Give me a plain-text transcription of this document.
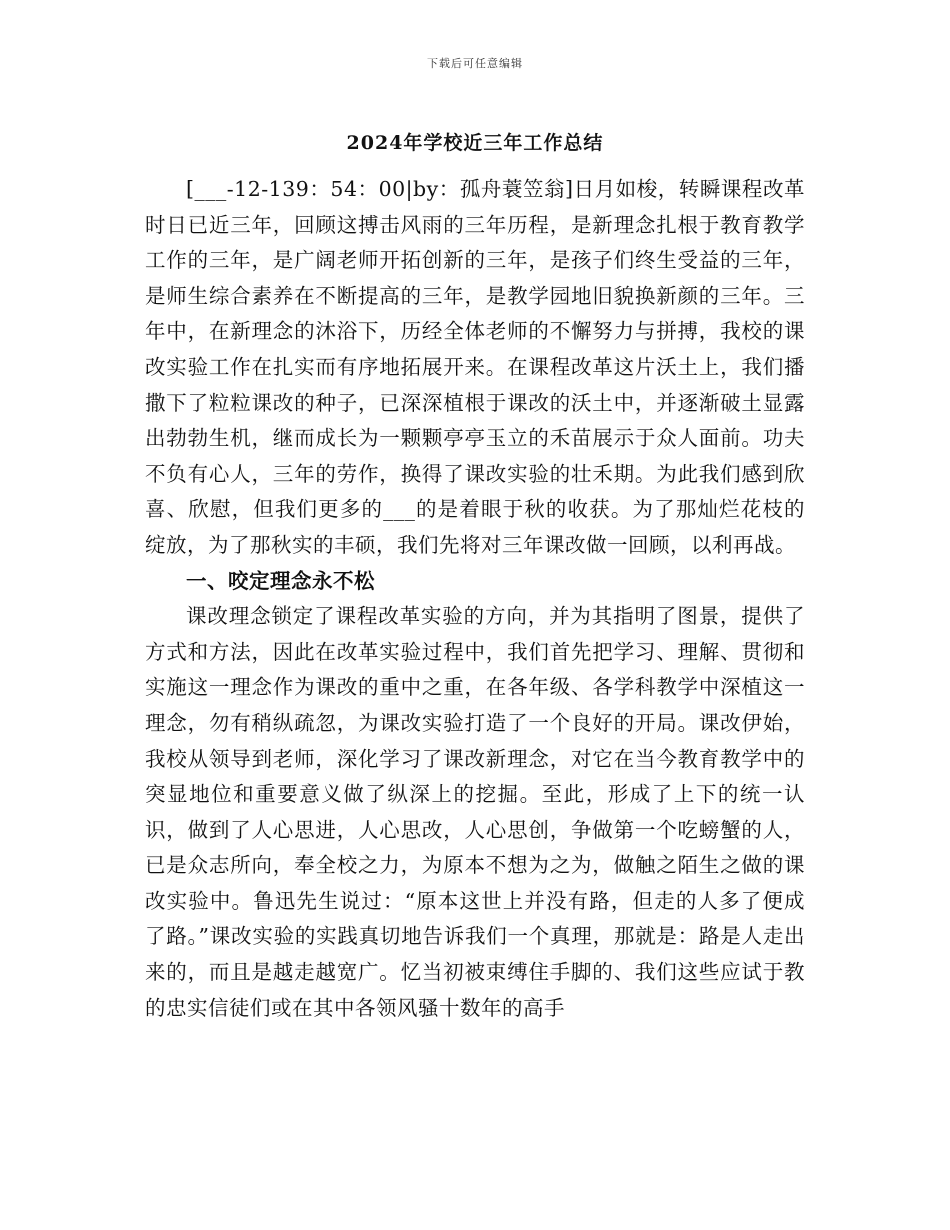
下载后可任意编辑
2024年学校近三年工作总结

[___-12-139：54：00|by：孤舟蓑笠翁]日月如梭，转瞬课程改革时日已近三年，回顾这搏击风雨的三年历程，是新理念扎根于教育教学工作的三年，是广阔老师开拓创新的三年，是孩子们终生受益的三年，是师生综合素养在不断提高的三年，是教学园地旧貌换新颜的三年。三年中，在新理念的沐浴下，历经全体老师的不懈努力与拼搏，我校的课改实验工作在扎实而有序地拓展开来。在课程改革这片沃土上，我们播撒下了粒粒课改的种子，已深深植根于课改的沃土中，并逐渐破土显露出勃勃生机，继而成长为一颗颗亭亭玉立的禾苗展示于众人面前。功夫不负有心人，三年的劳作，换得了课改实验的壮禾期。为此我们感到欣喜、欣慰，但我们更多的___的是着眼于秋的收获。为了那灿烂花枝的绽放，为了那秋实的丰硕，我们先将对三年课改做一回顾，以利再战。

一、咬定理念永不松

课改理念锁定了课程改革实验的方向，并为其指明了图景，提供了方式和方法，因此在改革实验过程中，我们首先把学习、理解、贯彻和实施这一理念作为课改的重中之重，在各年级、各学科教学中深植这一理念，勿有稍纵疏忽，为课改实验打造了一个良好的开局。课改伊始，我校从领导到老师，深化学习了课改新理念，对它在当今教育教学中的突显地位和重要意义做了纵深上的挖掘。至此，形成了上下的统一认识，做到了人心思进，人心思改，人心思创，争做第一个吃螃蟹的人，已是众志所向，奉全校之力，为原本不想为之为，做触之陌生之做的课改实验中。鲁迅先生说过：“原本这世上并没有路，但走的人多了便成了路。”课改实验的实践真切地告诉我们一个真理，那就是：路是人走出来的，而且是越走越宽广。忆当初被束缚住手脚的、我们这些应试于教的忠实信徒们或在其中各领风骚十数年的高手
